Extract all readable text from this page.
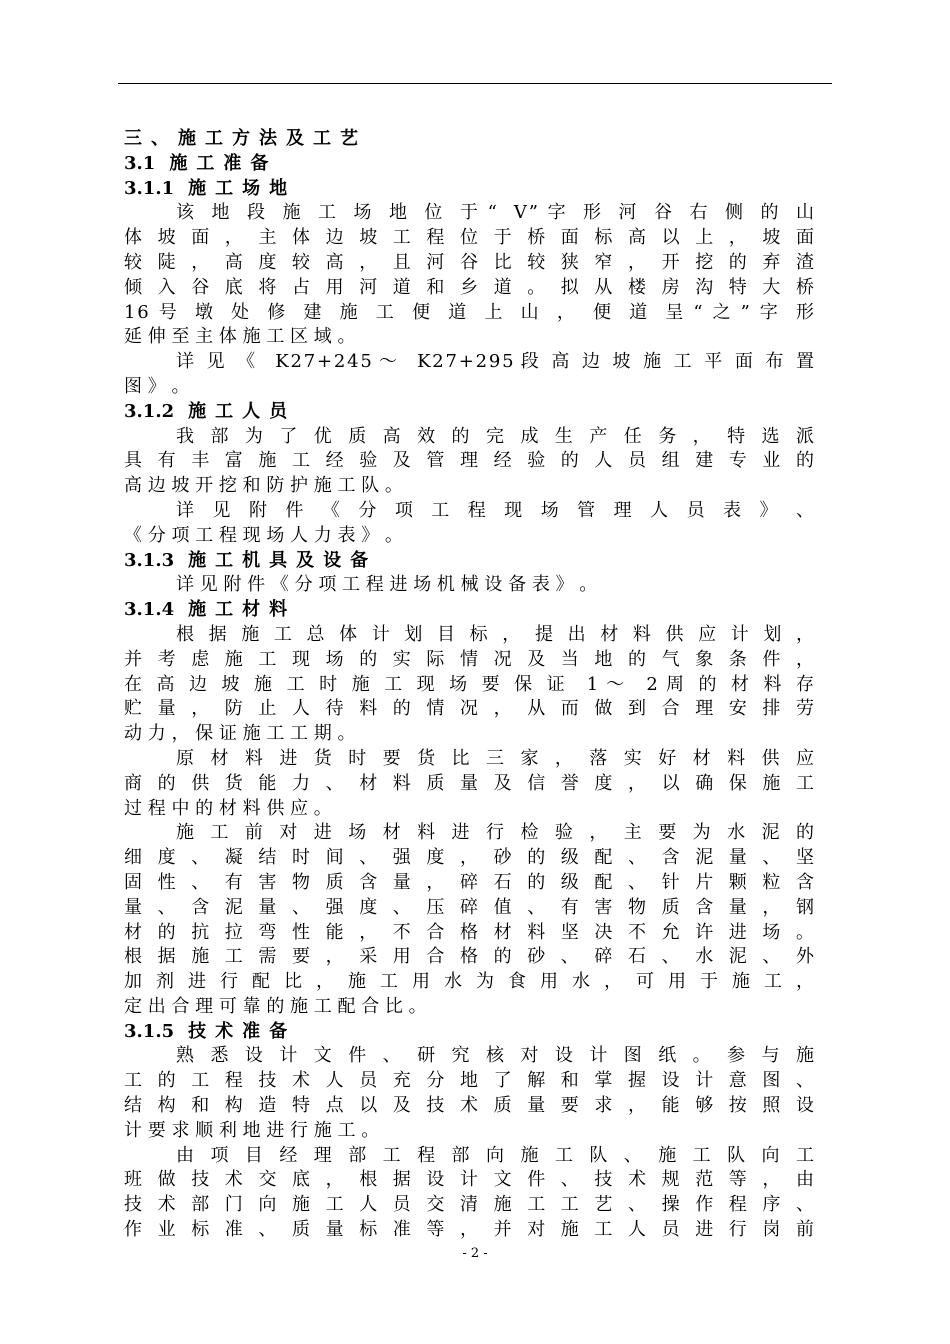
三、施工方法及工艺
3.1 施工准备
3.1.1 施工场地
该 地 段 施 工 场 地 位 于 “   V ” 字 形 河 谷 右 侧 的 山
体 坡 面 ， 主 体 边 坡 工 程 位 于 桥 面 标 高 以 上 ， 坡 面
较 陡 ， 高 度 较 高 ， 且 河 谷 比 较 狭 窄 ， 开 挖 的 弃 渣
倾 入 谷 底 将 占 用 河 道 和 乡 道 。 拟 从 楼 房 沟 特 大 桥
1 6 号 墩 处 修 建 施 工 便 道 上 山 ， 便 道 呈 “ 之 ” 字 形
延 伸 至 主 体 施 工 区 域 。
详 见 《   K 2 7 + 2 4 5 ～   K 2 7 + 2 9 5 段 高 边 坡 施 工 平 面 布 置
图 》 。
3.1.2 施工人员
我 部 为 了 优 质 高 效 的 完 成 生 产 任 务 ， 特 选 派
具 有 丰 富 施 工 经 验 及 管 理 经 验 的 人 员 组 建 专 业 的
高 边 坡 开 挖 和 防 护 施 工 队 。
详 见 附 件 《 分 项 工 程 现 场 管 理 人 员 表 》 、
《 分 项 工 程 现 场 人 力 表 》 。
3.1.3 施工机具及设备
详 见 附 件 《 分 项 工 程 进 场 机 械 设 备 表 》 。
3.1.4 施工材料
根 据 施 工 总 体 计 划 目 标 ， 提 出 材 料 供 应 计 划 ，
并 考 虑 施 工 现 场 的 实 际 情 况 及 当 地 的 气 象 条 件 ，
在 高 边 坡 施 工 时 施 工 现 场 要 保 证   1 ～   2 周 的 材 料 存
贮 量 ， 防 止 人 待 料 的 情 况 ， 从 而 做 到 合 理 安 排 劳
动 力 ， 保 证 施 工 工 期 。
原 材 料 进 货 时 要 货 比 三 家 ， 落 实 好 材 料 供 应
商 的 供 货 能 力 、 材 料 质 量 及 信 誉 度 ， 以 确 保 施 工
过 程 中 的 材 料 供 应 。
施 工 前 对 进 场 材 料 进 行 检 验 ， 主 要 为 水 泥 的
细 度 、 凝 结 时 间 、 强 度 ， 砂 的 级 配 、 含 泥 量 、 坚
固 性 、 有 害 物 质 含 量 ， 碎 石 的 级 配 、 针 片 颗 粒 含
量 、 含 泥 量 、 强 度 、 压 碎 值 、 有 害 物 质 含 量 ， 钢
材 的 抗 拉 弯 性 能 ， 不 合 格 材 料 坚 决 不 允 许 进 场 。
根 据 施 工 需 要 ， 采 用 合 格 的 砂 、 碎 石 、 水 泥 、 外
加 剂 进 行 配 比 ， 施 工 用 水 为 食 用 水 ， 可 用 于 施 工 ，
定 出 合 理 可 靠 的 施 工 配 合 比 。
3.1.5 技术准备
熟 悉 设 计 文 件 、 研 究 核 对 设 计 图 纸 。 参 与 施
工 的 工 程 技 术 人 员 充 分 地 了 解 和 掌 握 设 计 意 图 、
结 构 和 构 造 特 点 以 及 技 术 质 量 要 求 ， 能 够 按 照 设
计 要 求 顺 利 地 进 行 施 工 。
由 项 目 经 理 部 工 程 部 向 施 工 队 、 施 工 队 向 工
班 做 技 术 交 底 ， 根 据 设 计 文 件 、 技 术 规 范 等 ， 由
技 术 部 门 向 施 工 人 员 交 清 施 工 工 艺 、 操 作 程 序 、
作 业 标 准 、 质 量 标 准 等 ， 并 对 施 工 人 员 进 行 岗 前
- 2 -
